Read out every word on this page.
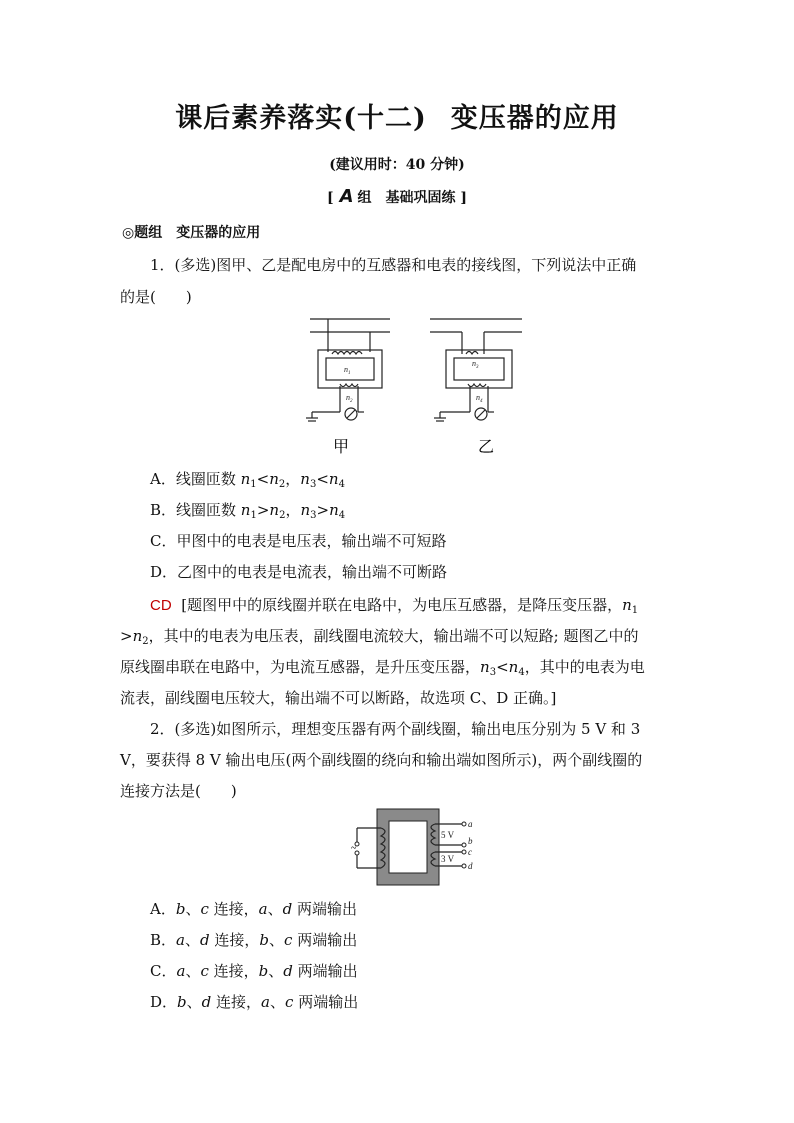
课后素养落实(十二) 变压器的应用
(建议用时：40 分钟)
[ A 组　基础巩固练 ]
◎题组　变压器的应用
1．(多选)图甲、乙是配电房中的互感器和电表的接线图，下列说法中正确
的是(　　)
$n_1$
$n_2$
$n_3$
$n_4$
甲	乙
A．线圈匝数 $n_1<n_2$，$n_3<n_4$
B．线圈匝数 $n_1>n_2$，$n_3>n_4$
C．甲图中的电表是电压表，输出端不可短路
D．乙图中的电表是电流表，输出端不可断路
CD [题图甲中的原线圈并联在电路中，为电压互感器，是降压变压器，$n_1$
$>n_2$，其中的电表为电压表，副线圈电流较大，输出端不可以短路; 题图乙中的
原线圈串联在电路中，为电流互感器，是升压变压器，$n_3<n_4$，其中的电表为电
流表，副线圈电压较大，输出端不可以断路，故选项 C、D 正确。]
2．(多选)如图所示，理想变压器有两个副线圈，输出电压分别为 5 V 和 3
V，要获得 8 V 输出电压(两个副线圈的绕向和输出端如图所示)，两个副线圈的
连接方法是(　　)
~
5 V
3 V
a
b
c
d
A．b、c 连接，a、d 两端输出
B．a、d 连接，b、c 两端输出
C．a、c 连接，b、d 两端输出
D．b、d 连接，a、c 两端输出
